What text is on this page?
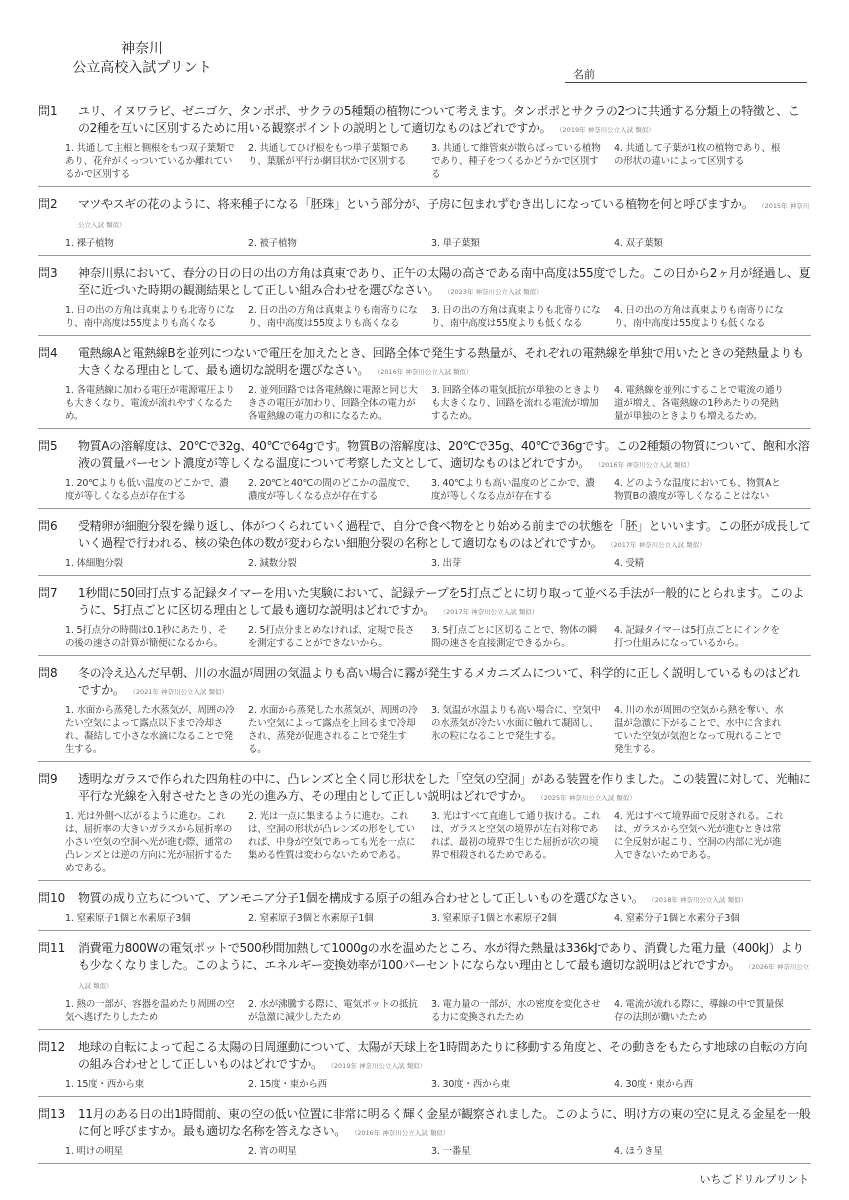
神奈川
公立高校入試プリント	名前
問1	ユリ、イヌワラビ、ゼニゴケ、タンポポ、サクラの5種類の植物について考えます。タンポポとサクラの2つに共通する分類上の特徴と、この2種を互いに区別するために用いる観察ポイントの説明として適切なものはどれですか。 （2019年 神奈川公立入試 類似）
1. 共通して主根と側根をもつ双子葉類であり、花弁がくっついているか離れているかで区別する
2. 共通してひげ根をもつ単子葉類であり、葉脈が平行か網目状かで区別する
3. 共通して維管束が散らばっている植物であり、種子をつくるかどうかで区別する
4. 共通して子葉が1枚の植物であり、根の形状の違いによって区別する
問2	マツやスギの花のように、将来種子になる「胚珠」という部分が、子房に包まれずむき出しになっている植物を何と呼びますか。 （2015年 神奈川公立入試 類似）
1. 裸子植物	2. 被子植物	3. 単子葉類	4. 双子葉類
問3	神奈川県において、春分の日の日の出の方角は真東であり、正午の太陽の高さである南中高度は55度でした。この日から2ヶ月が経過し、夏至に近づいた時期の観測結果として正しい組み合わせを選びなさい。 （2023年 神奈川公立入試 類似）
1. 日の出の方角は真東よりも北寄りになり、南中高度は55度よりも高くなる
2. 日の出の方角は真東よりも南寄りになり、南中高度は55度よりも高くなる
3. 日の出の方角は真東よりも北寄りになり、南中高度は55度よりも低くなる
4. 日の出の方角は真東よりも南寄りになり、南中高度は55度よりも低くなる
問4	電熱線Aと電熱線Bを並列につないで電圧を加えたとき、回路全体で発生する熱量が、それぞれの電熱線を単独で用いたときの発熱量よりも大きくなる理由として、最も適切な説明を選びなさい。 （2016年 神奈川公立入試 類似）
1. 各電熱線に加わる電圧が電源電圧よりも大きくなり、電流が流れやすくなるため。
2. 並列回路では各電熱線に電源と同じ大きさの電圧が加わり、回路全体の電力が各電熱線の電力の和になるため。
3. 回路全体の電気抵抗が単独のときよりも大きくなり、回路を流れる電流が増加するため。
4. 電熱線を並列にすることで電流の通り道が増え、各電熱線の1秒あたりの発熱量が単独のときよりも増えるため。
問5	物質Aの溶解度は、20℃で32g、40℃で64gです。物質Bの溶解度は、20℃で35g、40℃で36gです。この2種類の物質について、飽和水溶液の質量パーセント濃度が等しくなる温度について考察した文として、適切なものはどれですか。 （2016年 神奈川公立入試 類似）
1. 20℃よりも低い温度のどこかで、濃度が等しくなる点が存在する
2. 20℃と40℃の間のどこかの温度で、濃度が等しくなる点が存在する
3. 40℃よりも高い温度のどこかで、濃度が等しくなる点が存在する
4. どのような温度においても、物質Aと物質Bの濃度が等しくなることはない
問6	受精卵が細胞分裂を繰り返し、体がつくられていく過程で、自分で食べ物をとり始める前までの状態を「胚」といいます。この胚が成長していく過程で行われる、核の染色体の数が変わらない細胞分裂の名称として適切なものはどれですか。 （2017年 神奈川公立入試 類似）
1. 体細胞分裂	2. 減数分裂	3. 出芽	4. 受精
問7	1秒間に50回打点する記録タイマーを用いた実験において、記録テープを5打点ごとに切り取って並べる手法が一般的にとられます。このように、5打点ごとに区切る理由として最も適切な説明はどれですか。 （2017年 神奈川公立入試 類似）
1. 5打点分の時間は0.1秒にあたり、その後の速さの計算が簡便になるから。
2. 5打点分まとめなければ、定規で長さを測定することができないから。
3. 5打点ごとに区切ることで、物体の瞬間の速さを直接測定できるから。
4. 記録タイマーは5打点ごとにインクを打つ仕組みになっているから。
問8	冬の冷え込んだ早朝、川の水温が周囲の気温よりも高い場合に霧が発生するメカニズムについて、科学的に正しく説明しているものはどれですか。 （2021年 神奈川公立入試 類似）
1. 水面から蒸発した水蒸気が、周囲の冷たい空気によって露点以下まで冷却され、凝結して小さな水滴になることで発生する。
2. 水面から蒸発した水蒸気が、周囲の冷たい空気によって露点を上回るまで冷却され、蒸発が促進されることで発生する。
3. 気温が水温よりも高い場合に、空気中の水蒸気が冷たい水面に触れて凝固し、氷の粒になることで発生する。
4. 川の水が周囲の空気から熱を奪い、水温が急激に下がることで、水中に含まれていた空気が気泡となって現れることで発生する。
問9	透明なガラスで作られた四角柱の中に、凸レンズと全く同じ形状をした「空気の空洞」がある装置を作りました。この装置に対して、光軸に平行な光線を入射させたときの光の進み方、その理由として正しい説明はどれですか。 （2025年 神奈川公立入試 類似）
1. 光は外側へ広がるように進む。これは、屈折率の大きいガラスから屈折率の小さい空気の空洞へ光が進む際、通常の凸レンズとは逆の方向に光が屈折するためである。
2. 光は一点に集まるように進む。これは、空洞の形状が凸レンズの形をしていれば、中身が空気であっても光を一点に集める性質は変わらないためである。
3. 光はすべて直進して通り抜ける。これは、ガラスと空気の境界が左右対称であれば、最初の境界で生じた屈折が次の境界で相殺されるためである。
4. 光はすべて境界面で反射される。これは、ガラスから空気へ光が進むときは常に全反射が起こり、空洞の内部に光が進入できないためである。
問10	物質の成り立ちについて、アンモニア分子1個を構成する原子の組み合わせとして正しいものを選びなさい。 （2018年 神奈川公立入試 類似）
1. 窒素原子1個と水素原子3個	2. 窒素原子3個と水素原子1個	3. 窒素原子1個と水素原子2個	4. 窒素分子1個と水素分子3個
問11	消費電力800Wの電気ポットで500秒間加熱して1000gの水を温めたところ、水が得た熱量は336kJであり、消費した電力量（400kJ）よりも少なくなりました。このように、エネルギー変換効率が100パーセントにならない理由として最も適切な説明はどれですか。 （2026年 神奈川公立入試 類似）
1. 熱の一部が、容器を温めたり周囲の空気へ逃げたりしたため
2. 水が沸騰する際に、電気ポットの抵抗が急激に減少したため
3. 電力量の一部が、水の密度を変化させる力に変換されたため
4. 電流が流れる際に、導線の中で質量保存の法則が働いたため
問12	地球の自転によって起こる太陽の日周運動について、太陽が天球上を1時間あたりに移動する角度と、その動きをもたらす地球の自転の方向の組み合わせとして正しいものはどれですか。 （2019年 神奈川公立入試 類似）
1. 15度・西から東	2. 15度・東から西	3. 30度・西から東	4. 30度・東から西
問13	11月のある日の出1時間前、東の空の低い位置に非常に明るく輝く金星が観察されました。このように、明け方の東の空に見える金星を一般に何と呼びますか。最も適切な名称を答えなさい。 （2016年 神奈川公立入試 類似）
1. 明けの明星	2. 宵の明星	3. 一番星	4. ほうき星
いちごドリルプリント
